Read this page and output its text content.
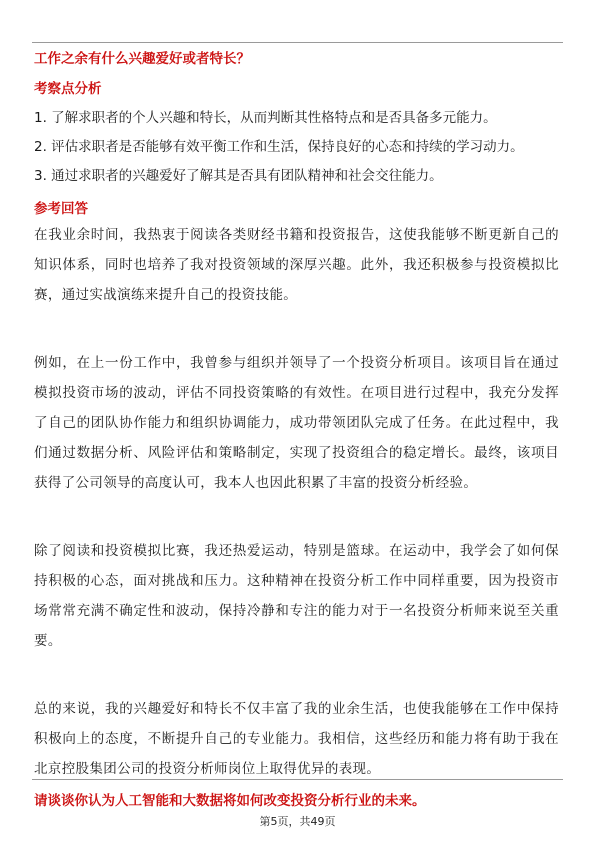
工作之余有什么兴趣爱好或者特长？
考察点分析
1. 了解求职者的个人兴趣和特长，从而判断其性格特点和是否具备多元能力。
2. 评估求职者是否能够有效平衡工作和生活，保持良好的心态和持续的学习动力。
3. 通过求职者的兴趣爱好了解其是否具有团队精神和社会交往能力。
参考回答

在我业余时间，我热衷于阅读各类财经书籍和投资报告，这使我能够不断更新自己的知识体系，同时也培养了我对投资领域的深厚兴趣。此外，我还积极参与投资模拟比赛，通过实战演练来提升自己的投资技能。

例如，在上一份工作中，我曾参与组织并领导了一个投资分析项目。该项目旨在通过模拟投资市场的波动，评估不同投资策略的有效性。在项目进行过程中，我充分发挥了自己的团队协作能力和组织协调能力，成功带领团队完成了任务。在此过程中，我们通过数据分析、风险评估和策略制定，实现了投资组合的稳定增长。最终，该项目获得了公司领导的高度认可，我本人也因此积累了丰富的投资分析经验。

除了阅读和投资模拟比赛，我还热爱运动，特别是篮球。在运动中，我学会了如何保持积极的心态，面对挑战和压力。这种精神在投资分析工作中同样重要，因为投资市场常常充满不确定性和波动，保持冷静和专注的能力对于一名投资分析师来说至关重要。

总的来说，我的兴趣爱好和特长不仅丰富了我的业余生活，也使我能够在工作中保持积极向上的态度，不断提升自己的专业能力。我相信，这些经历和能力将有助于我在北京控股集团公司的投资分析师岗位上取得优异的表现。

请谈谈你认为人工智能和大数据将如何改变投资分析行业的未来。
第5页，共49页
